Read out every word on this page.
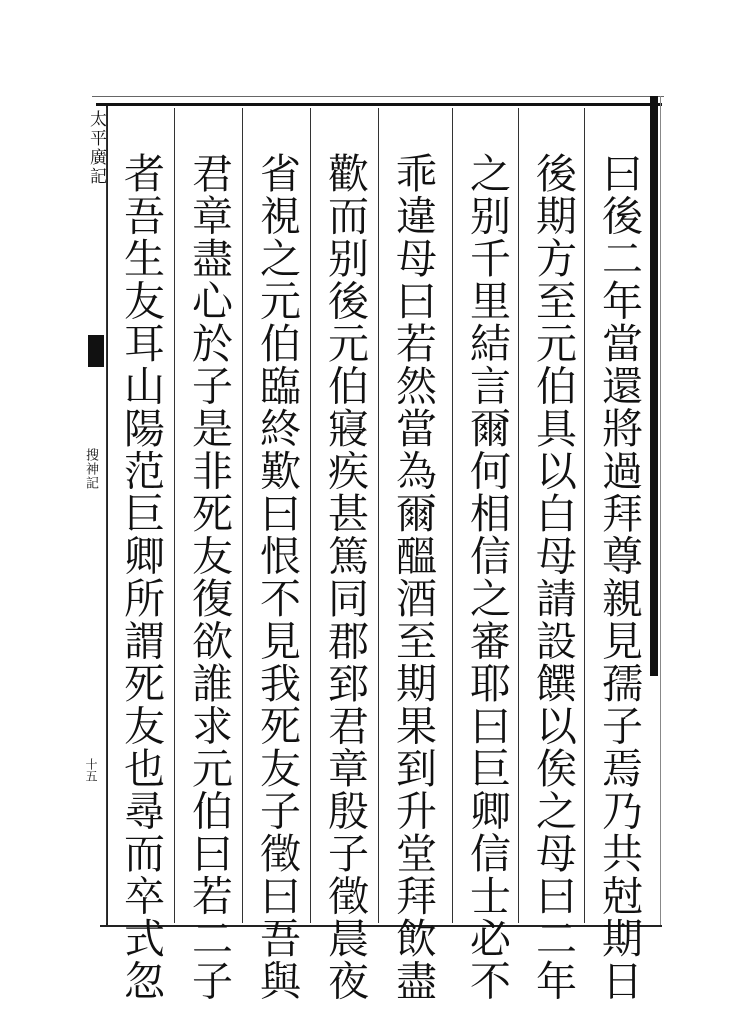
太平廣記
搜神記
十五	曰後二年當還將過拜尊親見孺子焉乃共尅期日
後期方至元伯具以白母請設饌以俟之母曰二年
之别千里結言爾何相信之審耶曰巨卿信士必不
乖違母曰若然當為爾醞酒至期果到升堂拜飲盡
歡而别後元伯寢疾甚篤同郡郅君章殷子徵晨夜
省視之元伯臨終歎曰恨不見我死友子徵曰吾與
君章盡心於子是非死友復欲誰求元伯曰若二子
者吾生友耳山陽范巨卿所謂死友也尋而卒式忽
